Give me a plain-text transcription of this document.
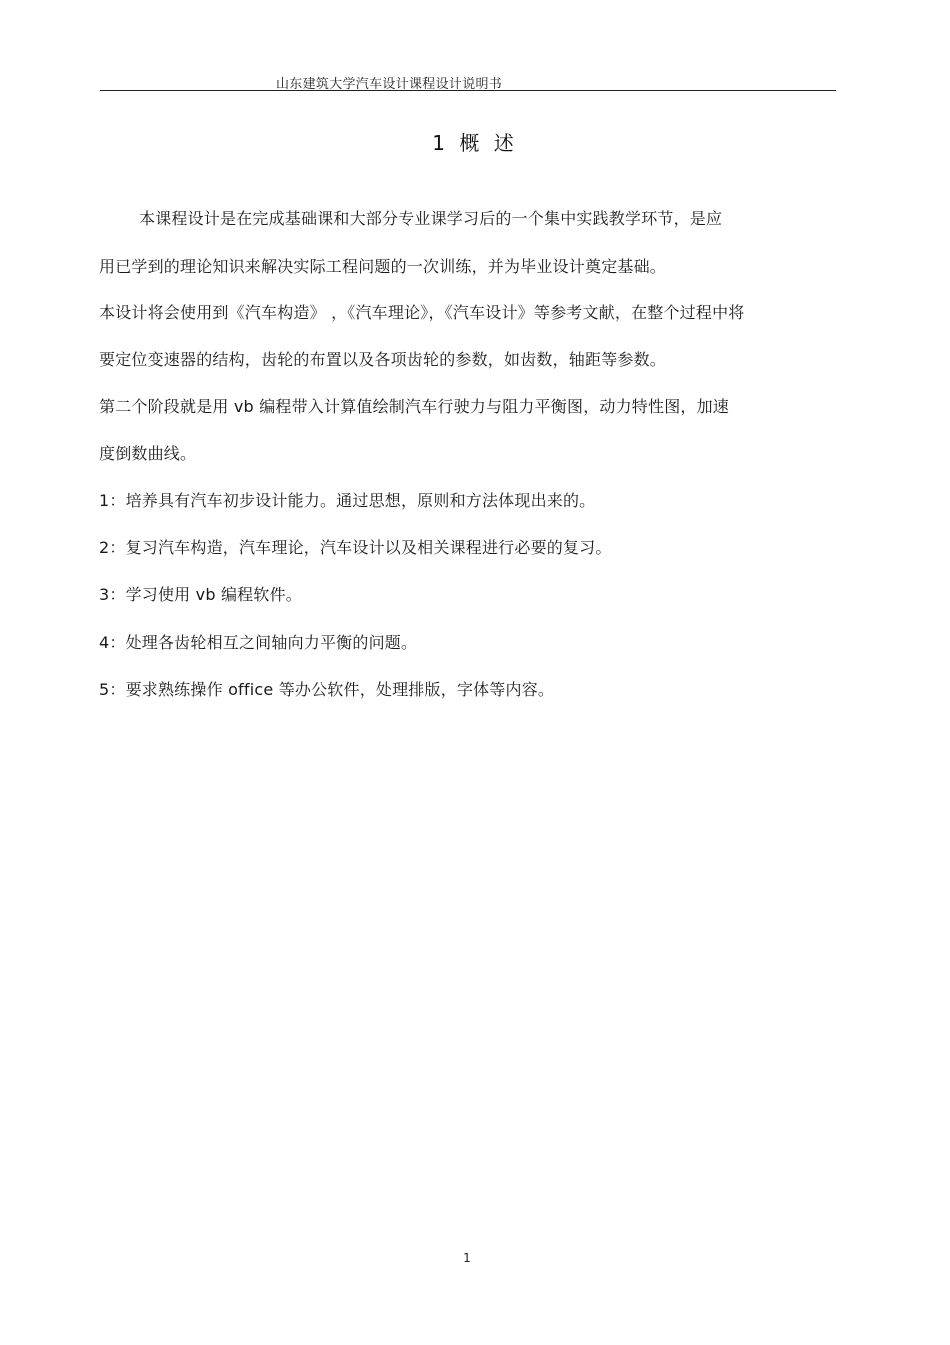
山东建筑大学汽车设计课程设计说明书
1 概 述
本课程设计是在完成基础课和大部分专业课学习后的一个集中实践教学环节，是应
用已学到的理论知识来解决实际工程问题的一次训练，并为毕业设计奠定基础。
本设计将会使用到《汽车构造》 ，《汽车理论》，《汽车设计》等参考文献，在整个过程中将
要定位变速器的结构，齿轮的布置以及各项齿轮的参数，如齿数，轴距等参数。
第二个阶段就是用 vb 编程带入计算值绘制汽车行驶力与阻力平衡图，动力特性图，加速
度倒数曲线。
1：培养具有汽车初步设计能力。通过思想，原则和方法体现出来的。
2：复习汽车构造，汽车理论，汽车设计以及相关课程进行必要的复习。
3：学习使用 vb 编程软件。
4：处理各齿轮相互之间轴向力平衡的问题。
5：要求熟练操作 office 等办公软件，处理排版，字体等内容。
1
